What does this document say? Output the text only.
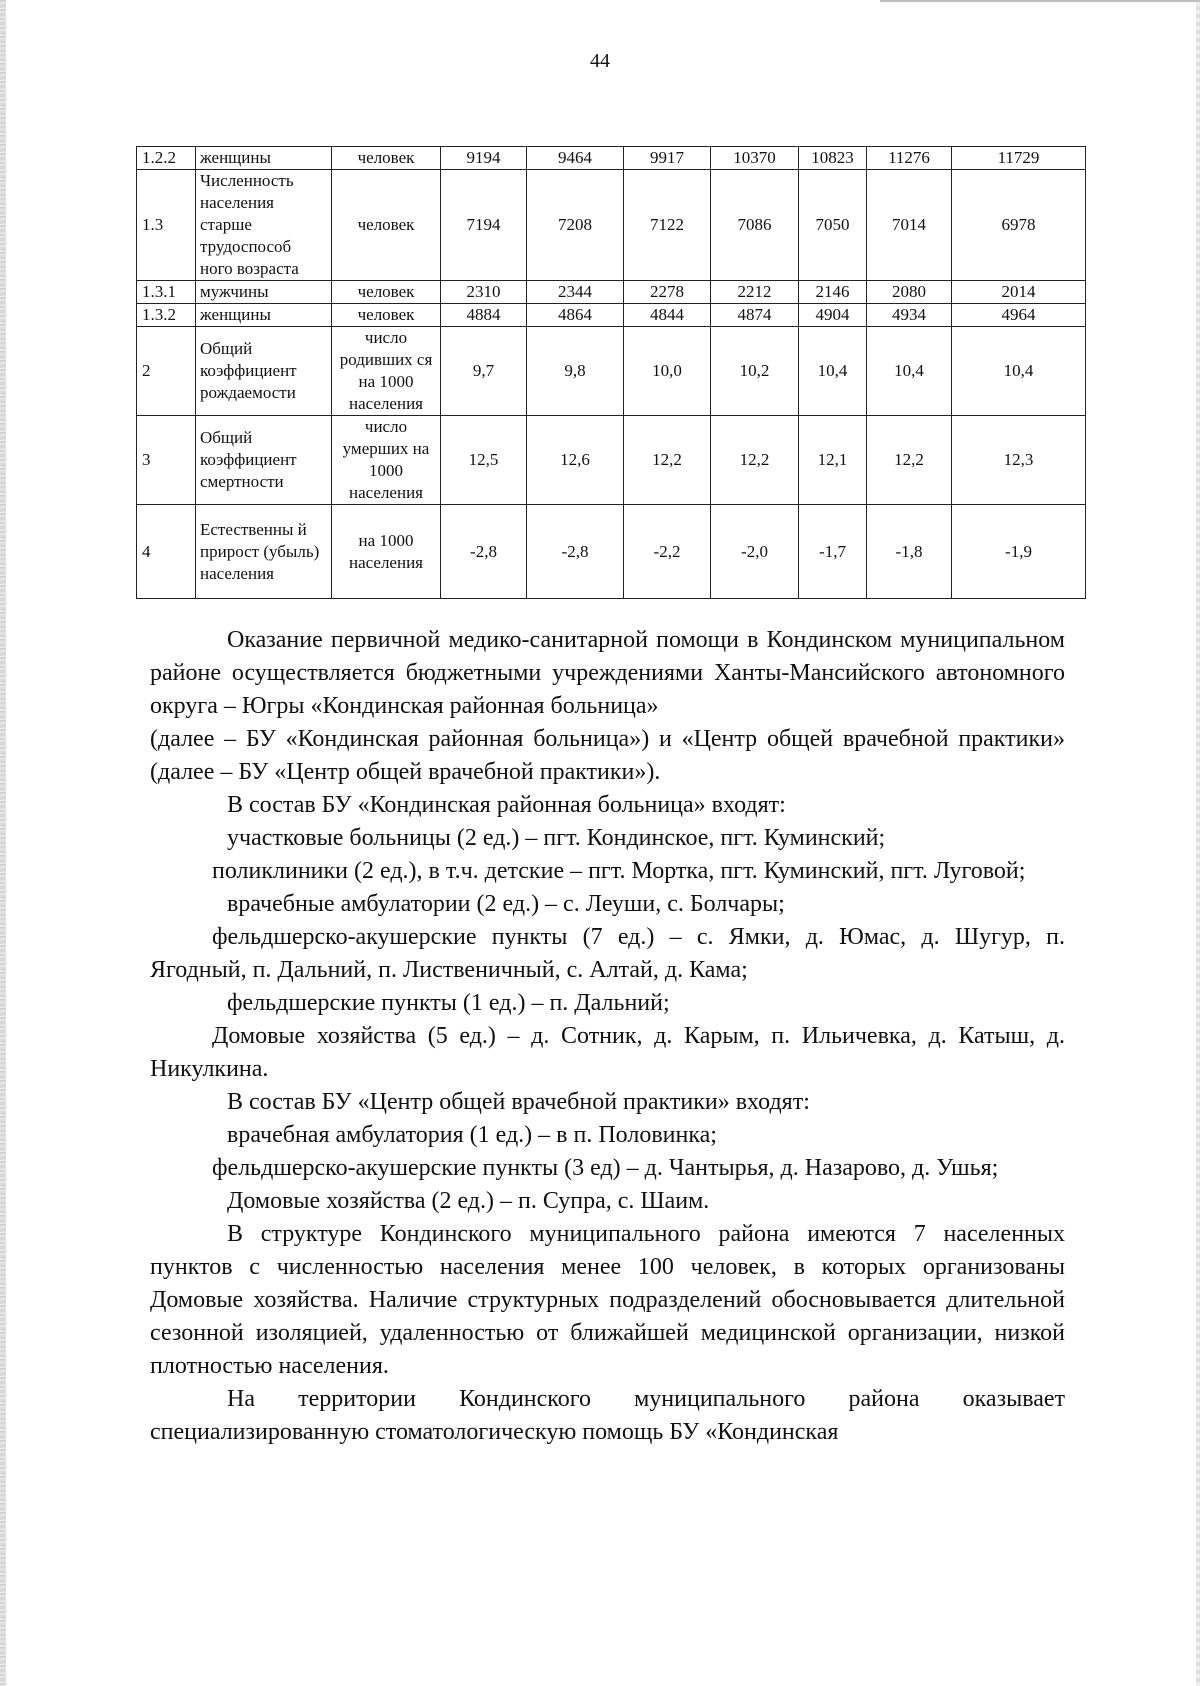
44
1.2.2	женщины	человек	9194	9464	9917	10370	10823	11276	11729
1.3	Численность населения старше трудоспособ ного возраста	человек	7194	7208	7122	7086	7050	7014	6978
1.3.1	мужчины	человек	2310	2344	2278	2212	2146	2080	2014
1.3.2	женщины	человек	4884	4864	4844	4874	4904	4934	4964
2	Общий коэффициент рождаемости	число родивших ся на 1000 населения	9,7	9,8	10,0	10,2	10,4	10,4	10,4
3	Общий коэффициент смертности	число умерших на 1000 населения	12,5	12,6	12,2	12,2	12,1	12,2	12,3
4	Естественны й прирост (убыль) населения	на 1000 населения	-2,8	-2,8	-2,2	-2,0	-1,7	-1,8	-1,9

Оказание первичной медико-санитарной помощи в Кондинском муниципальном районе осуществляется бюджетными учреждениями Ханты-Мансийского автономного округа – Югры «Кондинская районная больница»

(далее – БУ «Кондинская районная больница») и «Центр общей врачебной практики» (далее – БУ «Центр общей врачебной практики»).

В состав БУ «Кондинская районная больница» входят:

участковые больницы (2 ед.) – пгт. Кондинское, пгт. Куминский;

поликлиники (2 ед.), в т.ч. детские – пгт. Мортка, пгт. Куминский, пгт. Луговой;

врачебные амбулатории (2 ед.) – с. Леуши, с. Болчары;

фельдшерско-акушерские пункты (7 ед.) – с. Ямки, д. Юмас, д. Шугур, п. Ягодный, п. Дальний, п. Лиственичный, с. Алтай, д. Кама;

фельдшерские пункты (1 ед.) – п. Дальний;

Домовые хозяйства (5 ед.) – д. Сотник, д. Карым, п. Ильичевка, д. Катыш, д. Никулкина.

В состав БУ «Центр общей врачебной практики» входят:

врачебная амбулатория (1 ед.) – в п. Половинка;

фельдшерско-акушерские пункты (3 ед) – д. Чантырья, д. Назарово, д. Ушья;

Домовые хозяйства (2 ед.) – п. Супра, с. Шаим.

В структуре Кондинского муниципального района имеются 7 населенных пунктов с численностью населения менее 100 человек, в которых организованы Домовые хозяйства. Наличие структурных подразделений обосновывается длительной сезонной изоляцией, удаленностью от ближайшей медицинской организации, низкой плотностью населения.

На территории Кондинского муниципального района оказывает специализированную стоматологическую помощь БУ «Кондинская
